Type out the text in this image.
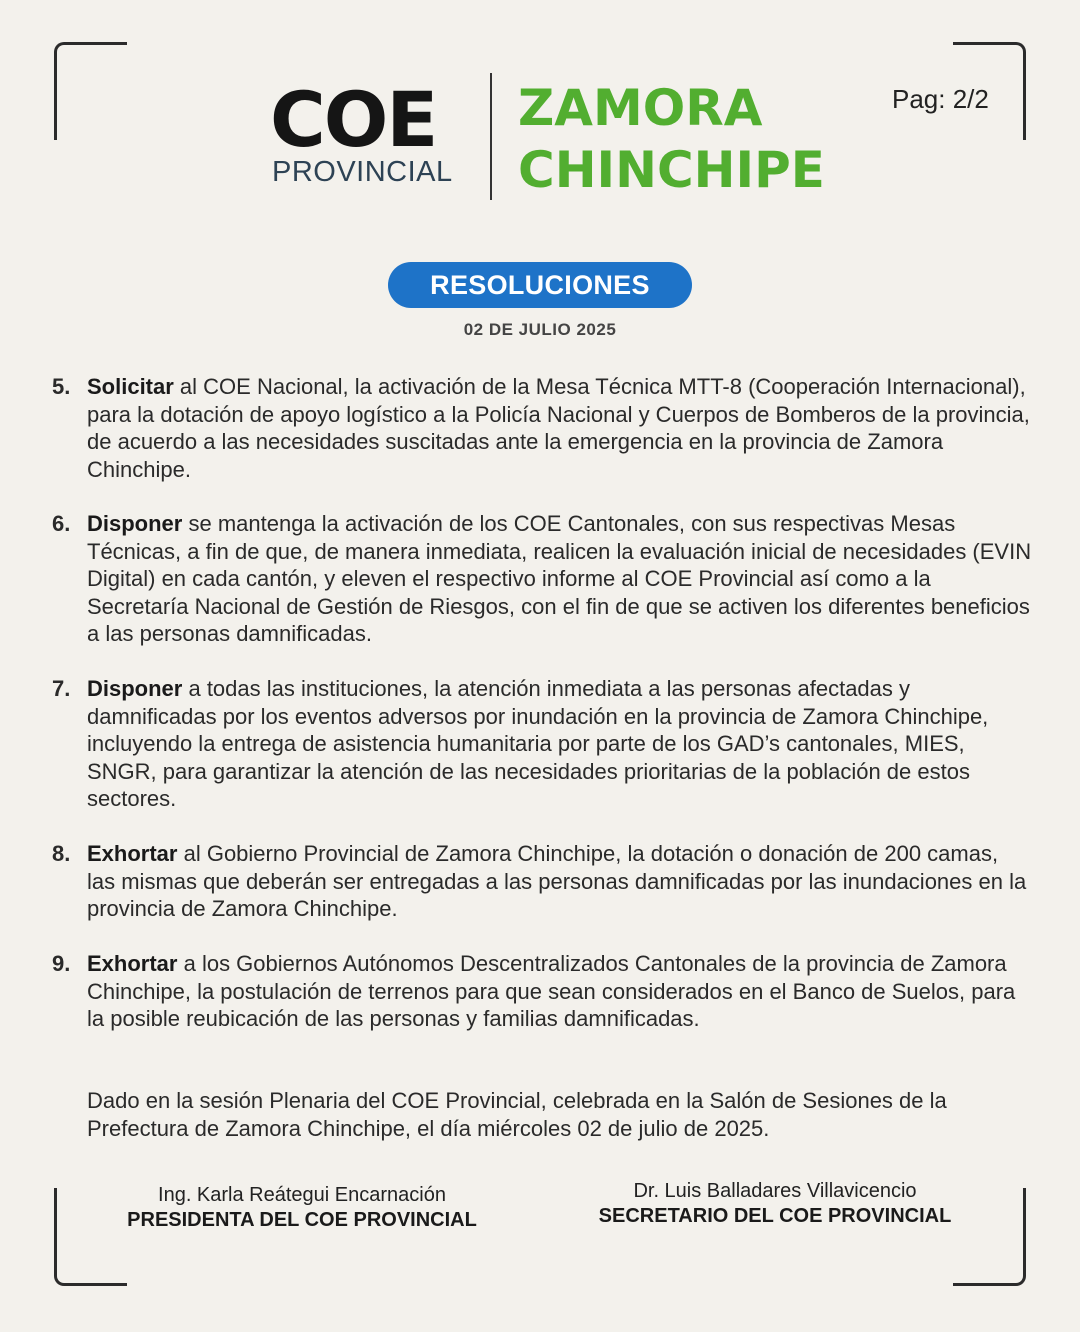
COE
PROVINCIAL
ZAMORA
CHINCHIPE
Pag: 2/2
RESOLUCIONES
02 DE JULIO 2025
5. Solicitar al COE Nacional, la activación de la Mesa Técnica MTT-8 (Cooperación Internacional), para la dotación de apoyo logístico a la Policía Nacional y Cuerpos de Bomberos de la provincia, de acuerdo a las necesidades suscitadas ante la emergencia en la provincia de Zamora Chinchipe.
6. Disponer se mantenga la activación de los COE Cantonales, con sus respectivas Mesas Técnicas, a fin de que, de manera inmediata, realicen la evaluación inicial de necesidades (EVIN Digital) en cada cantón, y eleven el respectivo informe al COE Provincial así como a la Secretaría Nacional de Gestión de Riesgos, con el fin de que se activen los diferentes beneficios a las personas damnificadas.
7. Disponer a todas las instituciones, la atención inmediata a las personas afectadas y damnificadas por los eventos adversos por inundación en la provincia de Zamora Chinchipe, incluyendo la entrega de asistencia humanitaria por parte de los GAD’s cantonales, MIES, SNGR, para garantizar la atención de las necesidades prioritarias de la población de estos sectores.
8. Exhortar al Gobierno Provincial de Zamora Chinchipe, la dotación o donación de 200 camas, las mismas que deberán ser entregadas a las personas damnificadas por las inundaciones en la provincia de Zamora Chinchipe.
9. Exhortar a los Gobiernos Autónomos Descentralizados Cantonales de la provincia de Zamora Chinchipe, la postulación de terrenos para que sean considerados en el Banco de Suelos, para la posible reubicación de las personas y familias damnificadas.
Dado en la sesión Plenaria del COE Provincial, celebrada en la Salón de Sesiones de la Prefectura de Zamora Chinchipe, el día miércoles 02 de julio de 2025.
Ing. Karla Reátegui Encarnación
PRESIDENTA DEL COE PROVINCIAL
Dr. Luis Balladares Villavicencio
SECRETARIO DEL COE PROVINCIAL
